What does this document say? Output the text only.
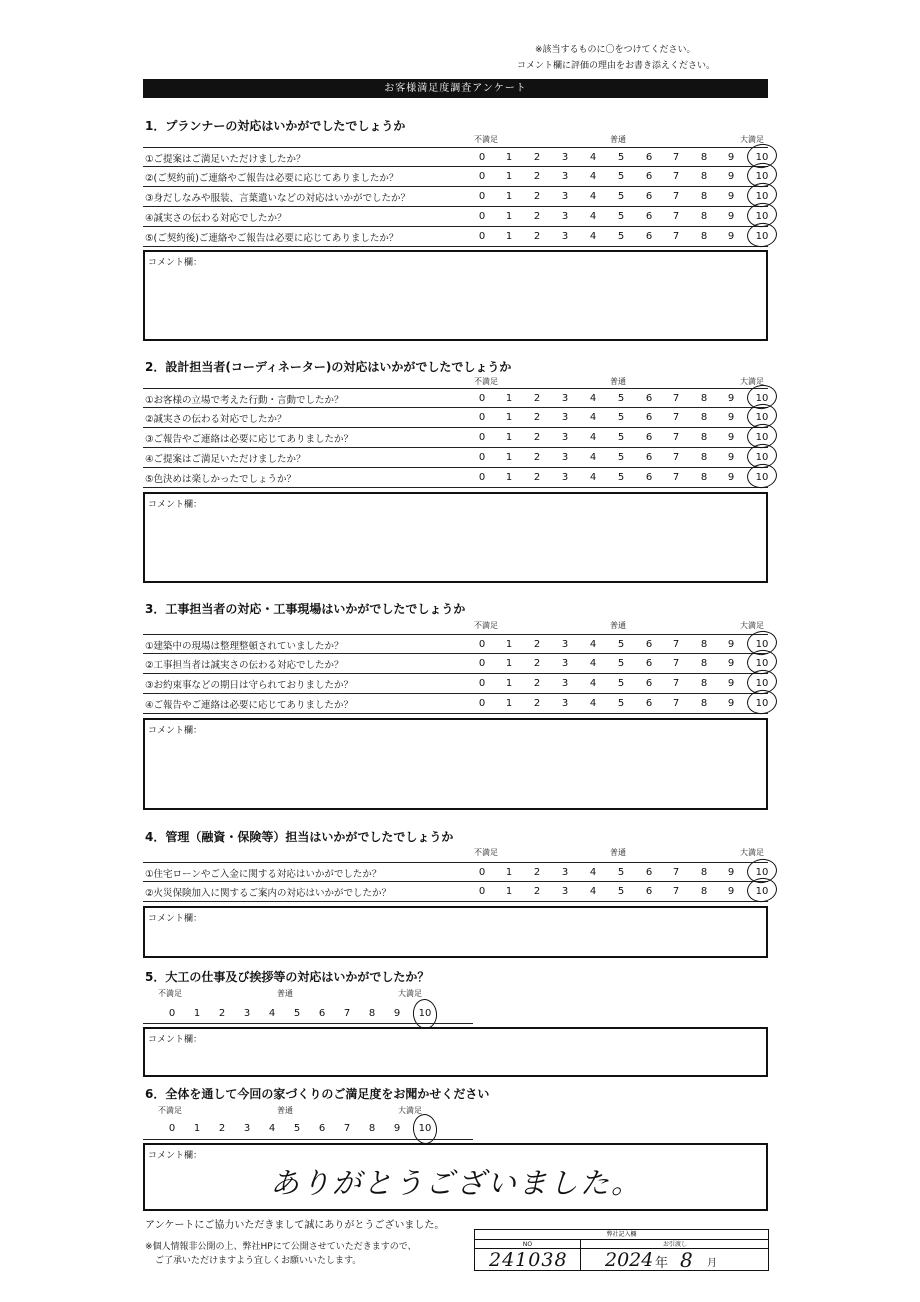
※該当するものに〇をつけてください。
コメント欄に評価の理由をお書き添えください。
お客様満足度調査アンケート
1．プランナーの対応はいかがでしたでしょうか
不満足	普通	大満足
①ご提案はご満足いただけましたか？	0	1	2	3	4	5	6	7	8	9	10
②(ご契約前)ご連絡やご報告は必要に応じてありましたか？	0	1	2	3	4	5	6	7	8	9	10
③身だしなみや服装、言葉遣いなどの対応はいかがでしたか？	0	1	2	3	4	5	6	7	8	9	10
④誠実さの伝わる対応でしたか？	0	1	2	3	4	5	6	7	8	9	10
⑤(ご契約後)ご連絡やご報告は必要に応じてありましたか？	0	1	2	3	4	5	6	7	8	9	10
コメント欄：
2．設計担当者(コーディネーター)の対応はいかがでしたでしょうか
不満足	普通	大満足
①お客様の立場で考えた行動・言動でしたか？	0	1	2	3	4	5	6	7	8	9	10
②誠実さの伝わる対応でしたか？	0	1	2	3	4	5	6	7	8	9	10
③ご報告やご連絡は必要に応じてありましたか？	0	1	2	3	4	5	6	7	8	9	10
④ご提案はご満足いただけましたか？	0	1	2	3	4	5	6	7	8	9	10
⑤色決めは楽しかったでしょうか？	0	1	2	3	4	5	6	7	8	9	10
コメント欄：
3．工事担当者の対応・工事現場はいかがでしたでしょうか
不満足	普通	大満足
①建築中の現場は整理整頓されていましたか？	0	1	2	3	4	5	6	7	8	9	10
②工事担当者は誠実さの伝わる対応でしたか？	0	1	2	3	4	5	6	7	8	9	10
③お約束事などの期日は守られておりましたか？	0	1	2	3	4	5	6	7	8	9	10
④ご報告やご連絡は必要に応じてありましたか？	0	1	2	3	4	5	6	7	8	9	10
コメント欄：
4．管理（融資・保険等）担当はいかがでしたでしょうか
不満足	普通	大満足
①住宅ローンやご入金に関する対応はいかがでしたか？	0	1	2	3	4	5	6	7	8	9	10
②火災保険加入に関するご案内の対応はいかがでしたか？	0	1	2	3	4	5	6	7	8	9	10
コメント欄：
5．大工の仕事及び挨拶等の対応はいかがでしたか？
不満足	普通	大満足
0	1	2	3	4	5	6	7	8	9	10
コメント欄：
6．全体を通して今回の家づくりのご満足度をお聞かせください
不満足	普通	大満足
0	1	2	3	4	5	6	7	8	9	10
コメント欄：
ありがとうございました。
アンケートにご協力いただきまして誠にありがとうございました。
※個人情報非公開の上、弊社HPにて公開させていただきますので、
ご了承いただけますよう宜しくお願いいたします。
弊社記入欄
NO	お引渡し
241038 2024 年 8 月
